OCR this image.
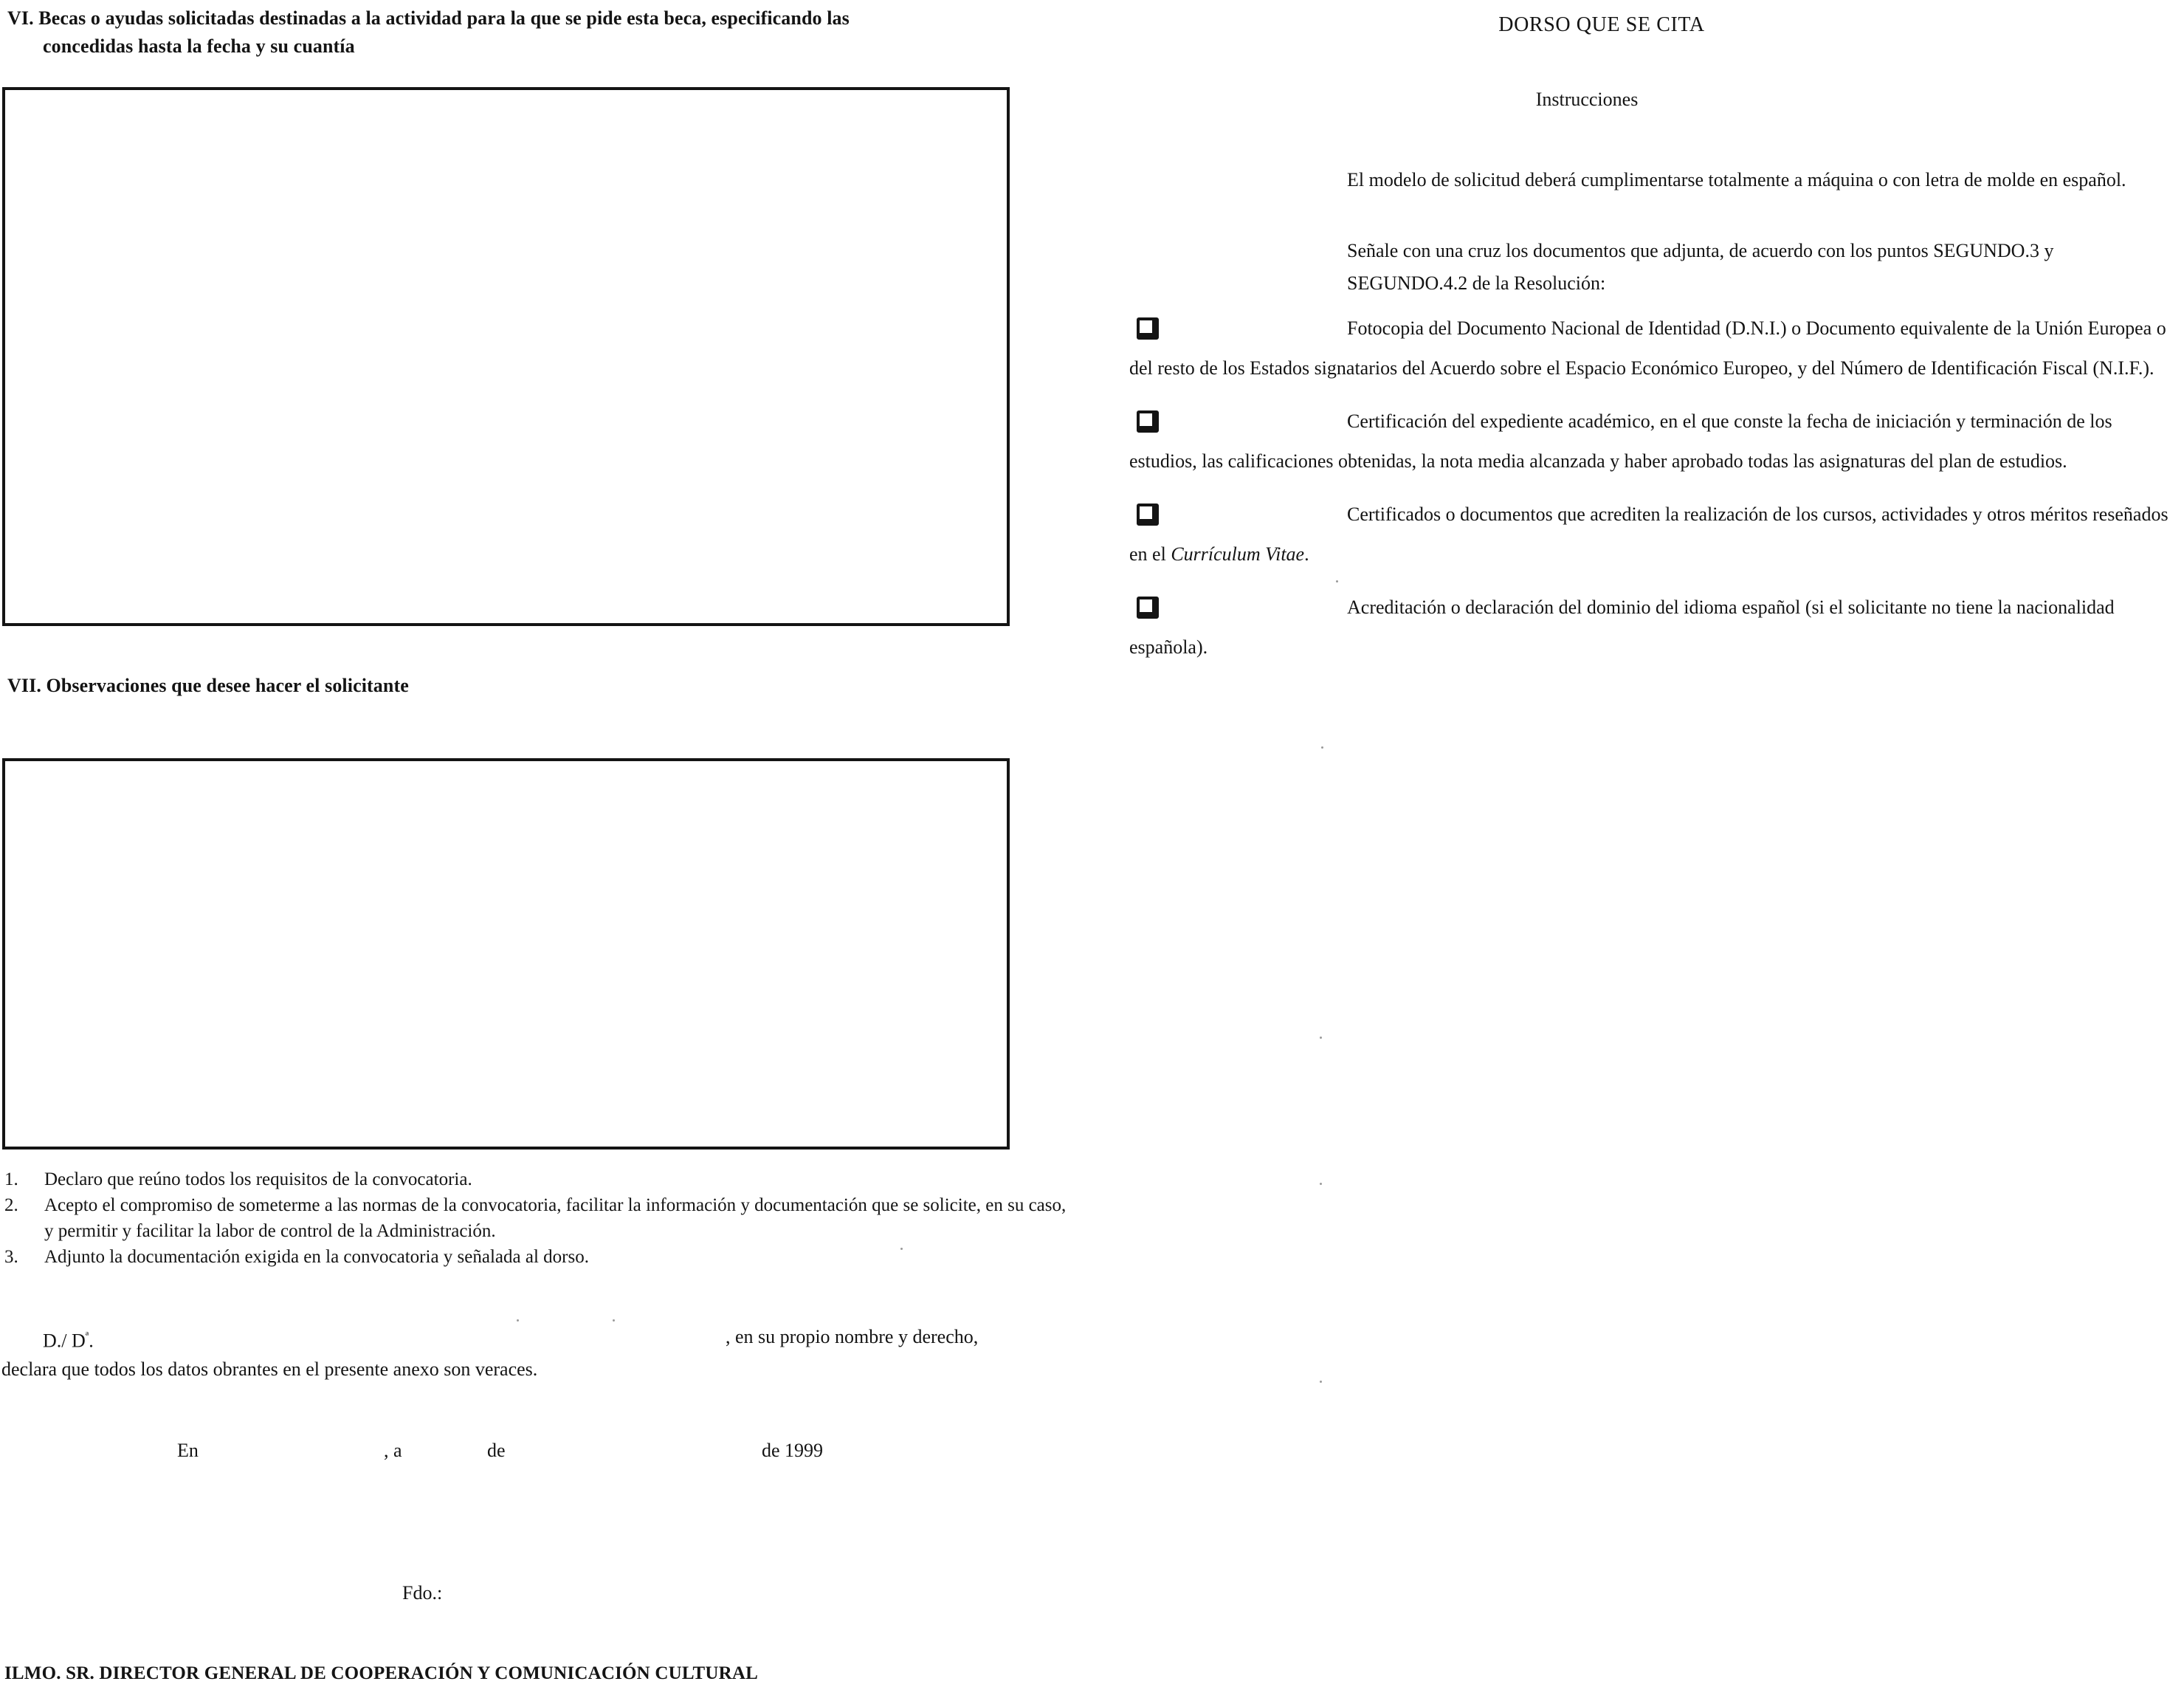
VI. Becas o ayudas solicitadas destinadas a la actividad para la que se pide esta beca, especificando las
concedidas hasta la fecha y su cuantía
VII. Observaciones que desee hacer el solicitante
1.	Declaro que reúno todos los requisitos de la convocatoria.
2.	Acepto el compromiso de someterme a las normas de la convocatoria, facilitar la información y documentación que se solicite, en su caso, y permitir y facilitar la labor de control de la Administración.
3.	Adjunto la documentación exigida en la convocatoria y señalada al dorso.
D./ $D^ª$.	, en su propio nombre y derecho,
declara que todos los datos obrantes en el presente anexo son veraces.
En	, a	de	de 1999
Fdo.:
ILMO. SR. DIRECTOR GENERAL DE COOPERACIÓN Y COMUNICACIÓN CULTURAL
DORSO QUE SE CITA
Instrucciones
El modelo de solicitud deberá cumplimentarse totalmente a máquina o con letra de molde en español.
Señale con una cruz los documentos que adjunta, de acuerdo con los puntos SEGUNDO.3 y SEGUNDO.4.2 de la Resolución:
Fotocopia del Documento Nacional de Identidad (D.N.I.) o Documento equivalente de la Unión Europea o del resto de los Estados signatarios del Acuerdo sobre el Espacio Económico Europeo, y del Número de Identificación Fiscal (N.I.F.).
Certificación del expediente académico, en el que conste la fecha de iniciación y terminación de los estudios, las calificaciones obtenidas, la nota media alcanzada y haber aprobado todas las asignaturas del plan de estudios.
Certificados o documentos que acrediten la realización de los cursos, actividades y otros méritos reseñados en el Currículum Vitae.
Acreditación o declaración del dominio del idioma español (si el solicitante no tiene la nacionalidad española).
